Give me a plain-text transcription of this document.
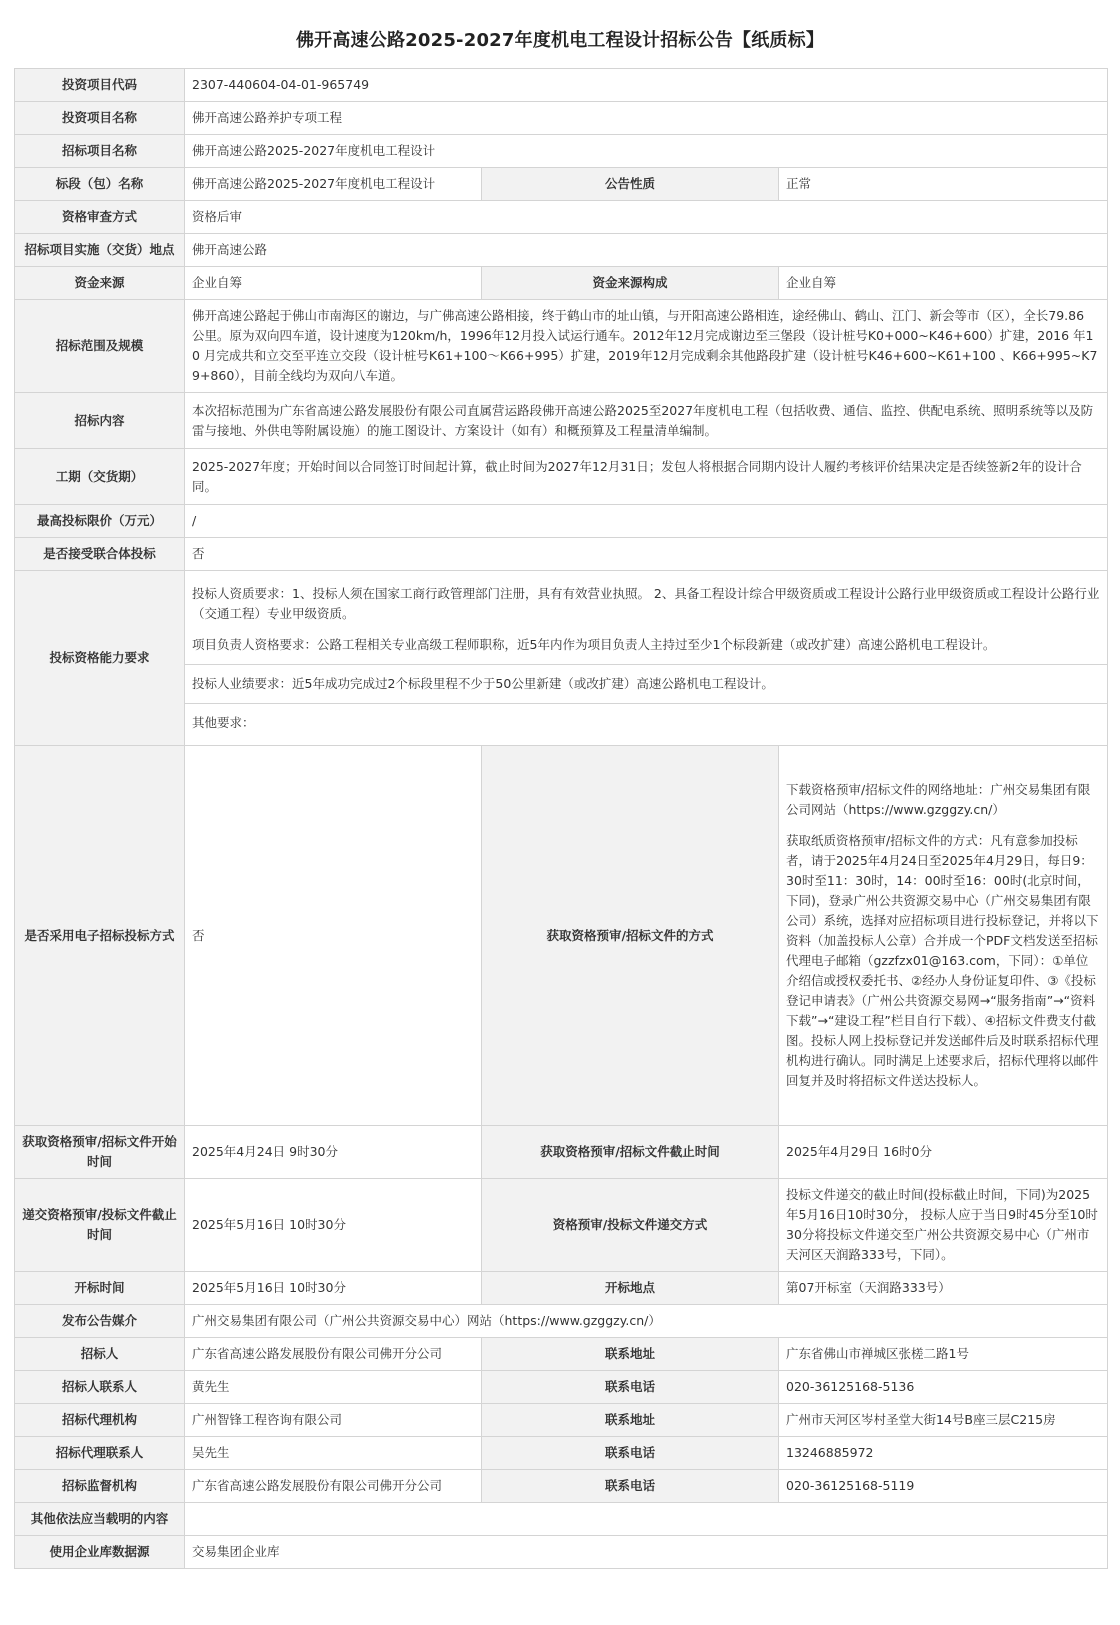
佛开高速公路2025-2027年度机电工程设计招标公告【纸质标】
投资项目代码	2307-440604-04-01-965749		
投资项目名称	佛开高速公路养护专项工程		
招标项目名称	佛开高速公路2025-2027年度机电工程设计		
标段（包）名称	佛开高速公路2025-2027年度机电工程设计	公告性质	正常
资格审查方式	资格后审		
招标项目实施（交货）地点	佛开高速公路		
资金来源	企业自筹	资金来源构成	企业自筹
招标范围及规模	佛开高速公路起于佛山市南海区的谢边，与广佛高速公路相接，终于鹤山市的址山镇，与开阳高速公路相连，途经佛山、鹤山、江门、新会等市（区），全长79.86 公里。原为双向四车道，设计速度为120km/h，1996年12月投入试运行通车。2012年12月完成谢边至三堡段（设计桩号K0+000~K46+600）扩建，2016 年10 月完成共和立交至平连立交段（设计桩号K61+100～K66+995）扩建，2019年12月完成剩余其他路段扩建（设计桩号K46+600~K61+100 、K66+995~K79+860），目前全线均为双向八车道。		
招标内容	本次招标范围为广东省高速公路发展股份有限公司直属营运路段佛开高速公路2025至2027年度机电工程（包括收费、通信、监控、供配电系统、照明系统等以及防雷与接地、外供电等附属设施）的施工图设计、方案设计（如有）和概预算及工程量清单编制。		
工期（交货期）	2025-2027年度；开始时间以合同签订时间起计算，截止时间为2027年12月31日；发包人将根据合同期内设计人履约考核评价结果决定是否续签新2年的设计合同。		
最高投标限价（万元）	/		
是否接受联合体投标	否		
投标资格能力要求	投标人资质要求：1、投标人须在国家工商行政管理部门注册，具有有效营业执照。 2、具备工程设计综合甲级资质或工程设计公路行业甲级资质或工程设计公路行业（交通工程）专业甲级资质。

项目负责人资格要求：公路工程相关专业高级工程师职称，近5年内作为项目负责人主持过至少1个标段新建（或改扩建）高速公路机电工程设计。

投标人业绩要求：近5年成功完成过2个标段里程不少于50公里新建（或改扩建）高速公路机电工程设计。

其他要求：		

是否采用电子招标投标方式	否	获取资格预审/招标文件的方式	下载资格预审/招标文件的网络地址：广州交易集团有限公司网站（https://www.gzggzy.cn/）

获取纸质资格预审/招标文件的方式：凡有意参加投标者，请于2025年4月24日至2025年4月29日，每日9：30时至11：30时，14：00时至16：00时(北京时间，下同)，登录广州公共资源交易中心（广州交易集团有限公司）系统，选择对应招标项目进行投标登记，并将以下资料（加盖投标人公章）合并成一个PDF文档发送至招标代理电子邮箱（gzzfzx01@163.com，下同）：①单位介绍信或授权委托书、②经办人身份证复印件、③《投标登记申请表》（广州公共资源交易网→“服务指南”→“资料下载”→“建设工程”栏目自行下载）、④招标文件费支付截图。投标人网上投标登记并发送邮件后及时联系招标代理机构进行确认。同时满足上述要求后，招标代理将以邮件回复并及时将招标文件送达投标人。

获取资格预审/招标文件开始时间	2025年4月24日 9时30分	获取资格预审/招标文件截止时间	2025年4月29日 16时0分
递交资格预审/投标文件截止时间	2025年5月16日 10时30分	资格预审/投标文件递交方式	投标文件递交的截止时间(投标截止时间，下同)为2025年5月16日10时30分， 投标人应于当日9时45分至10时30分将投标文件递交至广州公共资源交易中心（广州市天河区天润路333号，下同）。
开标时间	2025年5月16日 10时30分	开标地点	第07开标室（天润路333号）
发布公告媒介	广州交易集团有限公司（广州公共资源交易中心）网站（https://www.gzggzy.cn/）		
招标人	广东省高速公路发展股份有限公司佛开分公司	联系地址	广东省佛山市禅城区张槎二路1号
招标人联系人	黄先生	联系电话	020-36125168-5136
招标代理机构	广州智锋工程咨询有限公司	联系地址	广州市天河区岑村圣堂大街14号B座三层C215房
招标代理联系人	吴先生	联系电话	13246885972
招标监督机构	广东省高速公路发展股份有限公司佛开分公司	联系电话	020-36125168-5119
其他依法应当载明的内容			
使用企业库数据源	交易集团企业库		
